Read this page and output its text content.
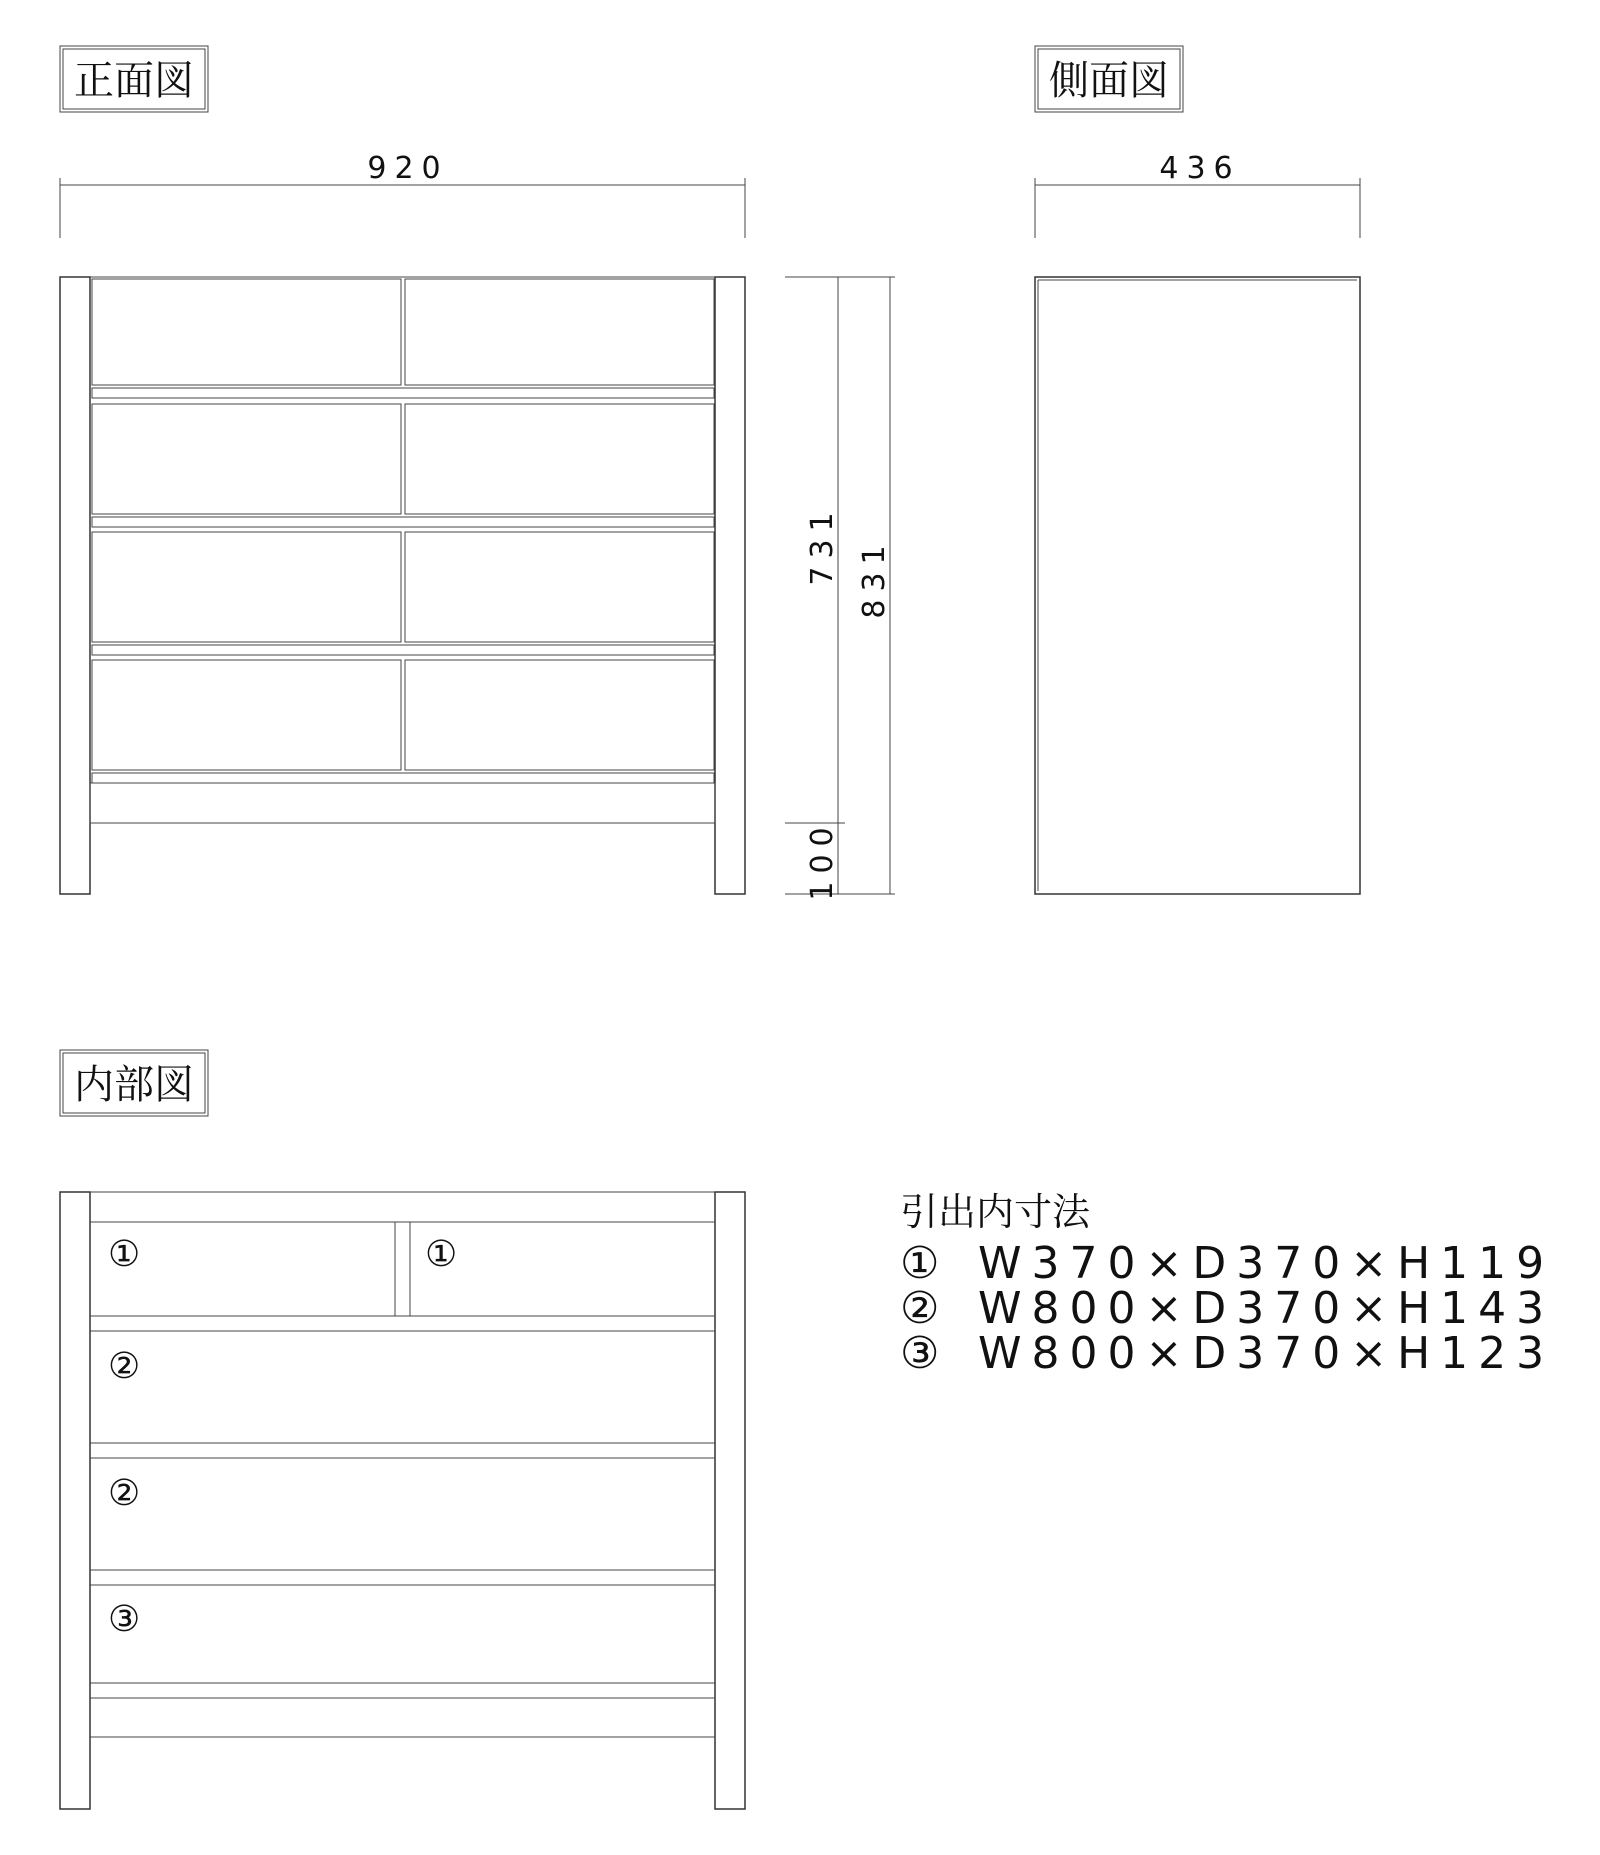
正面図	側面図
920	436
731 831
100
内部図
①	①
②
②
③
引出内寸法
① W370×D370×H119
② W800×D370×H143
③ W800×D370×H123
